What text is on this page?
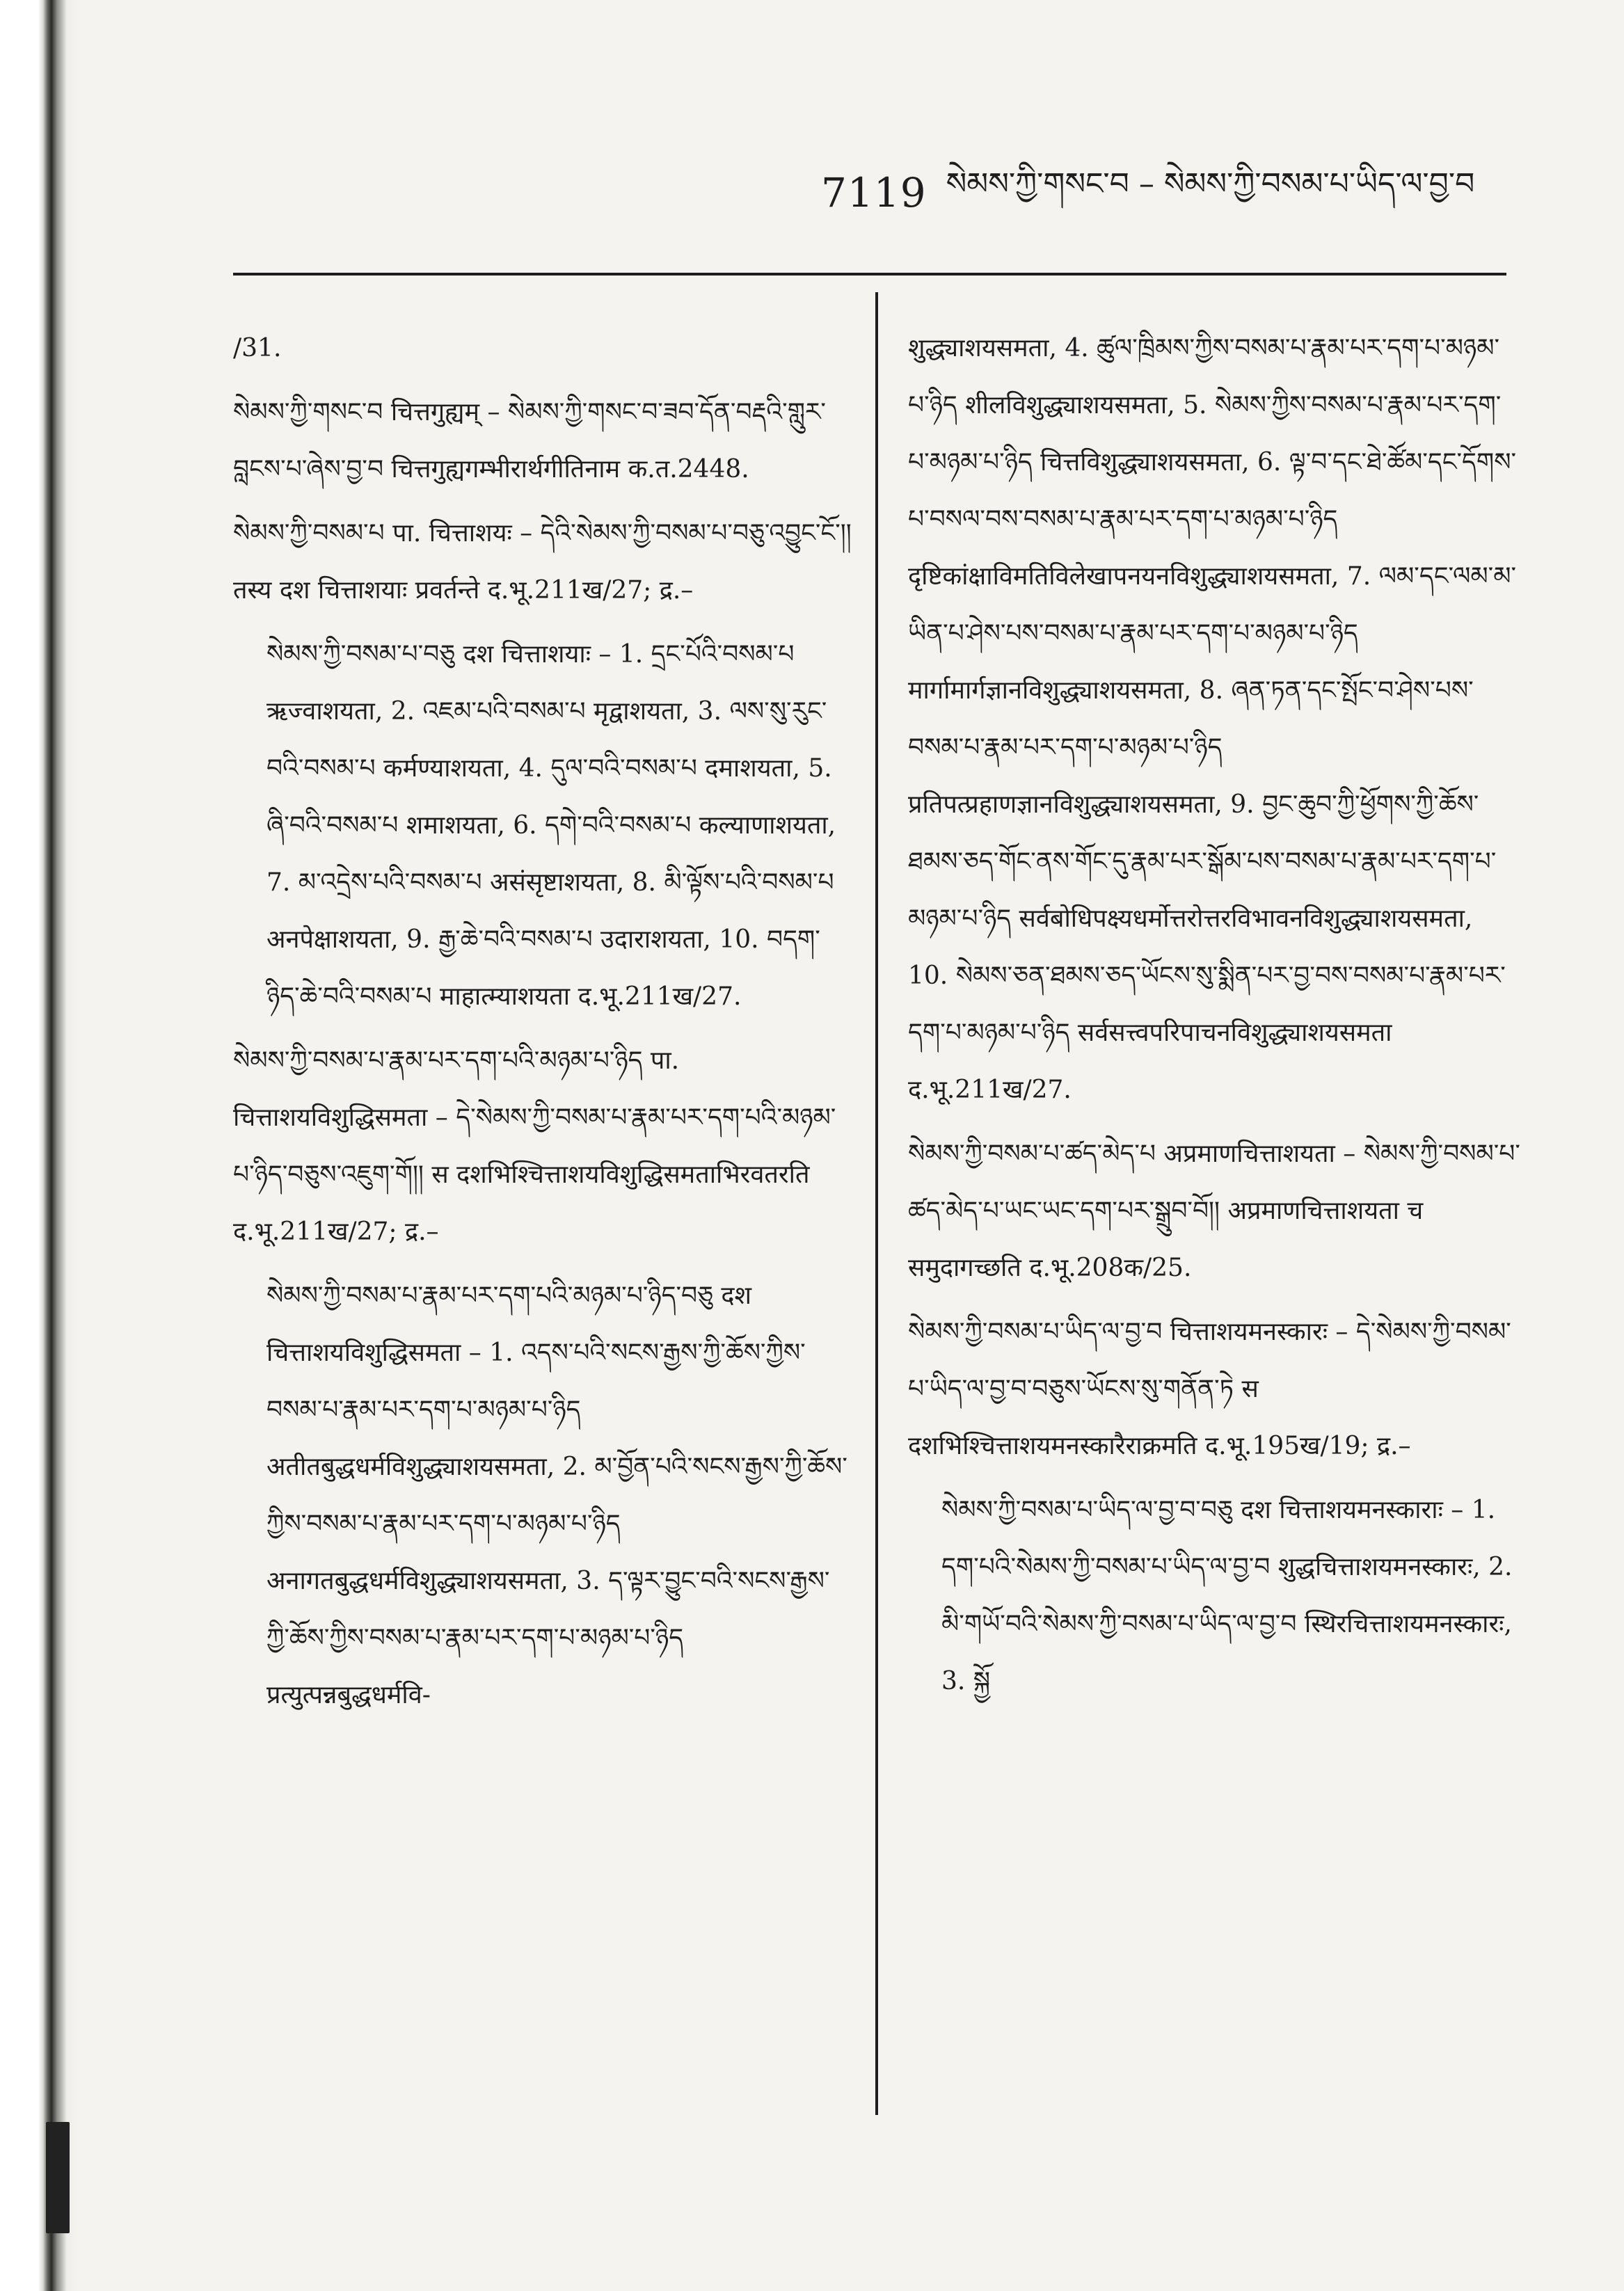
7119 སེམས་ཀྱི་གསང་བ – སེམས་ཀྱི་བསམ་པ་ཡིད་ལ་བྱ་བ

/31.

སེམས་ཀྱི་གསང་བ चित्तगुह्यम् – སེམས་ཀྱི་གསང་བ་ཟབ་དོན་བརྡའི་གླུར་བླངས་པ་ཞེས་བྱ་བ चित्तगुह्यगम्भीरार्थगीतिनाम क.त.2448.

སེམས་ཀྱི་བསམ་པ पा. चित्ताशयः – དེའི་སེམས་ཀྱི་བསམ་པ་བཅུ་འབྱུང་ངོ་།། तस्य दश चित्ताशयाः प्रवर्तन्ते द.भू.211ख/27; द्र.–

སེམས་ཀྱི་བསམ་པ་བཅུ दश चित्ताशयाः – 1. དྲང་པོའི་བསམ་པ ऋज्वाशयता, 2. འཇམ་པའི་བསམ་པ मृद्वाशयता, 3. ལས་སུ་རུང་བའི་བསམ་པ कर्मण्याशयता, 4. དུལ་བའི་བསམ་པ दमाशयता, 5. ཞི་བའི་བསམ་པ शमाशयता, 6. དགེ་བའི་བསམ་པ कल्याणाशयता, 7. མ་འདྲེས་པའི་བསམ་པ असंसृष्टाशयता, 8. མི་ལྟོས་པའི་བསམ་པ अनपेक्षाशयता, 9. རྒྱ་ཆེ་བའི་བསམ་པ उदाराशयता, 10. བདག་ཉིད་ཆེ་བའི་བསམ་པ माहात्म्याशयता द.भू.211ख/27.

སེམས་ཀྱི་བསམ་པ་རྣམ་པར་དག་པའི་མཉམ་པ་ཉིད पा. चित्ताशयविशुद्धिसमता – དེ་སེམས་ཀྱི་བསམ་པ་རྣམ་པར་དག་པའི་མཉམ་པ་ཉིད་བཅུས་འཇུག་གོ།། स दशभिश्चित्ताशयविशुद्धिसमताभिरवतरति द.भू.211ख/27; द्र.–

སེམས་ཀྱི་བསམ་པ་རྣམ་པར་དག་པའི་མཉམ་པ་ཉིད་བཅུ दश चित्ताशयविशुद्धिसमता – 1. འདས་པའི་སངས་རྒྱས་ཀྱི་ཆོས་ཀྱིས་བསམ་པ་རྣམ་པར་དག་པ་མཉམ་པ་ཉིད अतीतबुद्धधर्मविशुद्ध्याशयसमता, 2. མ་བྱོན་པའི་སངས་རྒྱས་ཀྱི་ཆོས་ཀྱིས་བསམ་པ་རྣམ་པར་དག་པ་མཉམ་པ་ཉིད अनागतबुद्धधर्मविशुद्ध्याशयसमता, 3. ད་ལྟར་བྱུང་བའི་སངས་རྒྱས་ཀྱི་ཆོས་ཀྱིས་བསམ་པ་རྣམ་པར་དག་པ་མཉམ་པ་ཉིད प्रत्युत्पन्नबुद्धधर्मवि-

शुद्ध्याशयसमता, 4. ཚུལ་ཁྲིམས་ཀྱིས་བསམ་པ་རྣམ་པར་དག་པ་མཉམ་པ་ཉིད शीलविशुद्ध्याशयसमता, 5. སེམས་ཀྱིས་བསམ་པ་རྣམ་པར་དག་པ་མཉམ་པ་ཉིད चित्तविशुद्ध्याशयसमता, 6. ལྟ་བ་དང་ཐེ་ཚོམ་དང་དོགས་པ་བསལ་བས་བསམ་པ་རྣམ་པར་དག་པ་མཉམ་པ་ཉིད दृष्टिकांक्षाविमतिविलेखापनयनविशुद्ध्याशयसमता, 7. ལམ་དང་ལམ་མ་ཡིན་པ་ཤེས་པས་བསམ་པ་རྣམ་པར་དག་པ་མཉམ་པ་ཉིད मार्गामार्गज्ञानविशुद्ध्याशयसमता, 8. ཞན་ཏན་དང་སྤོང་བ་ཤེས་པས་བསམ་པ་རྣམ་པར་དག་པ་མཉམ་པ་ཉིད प्रतिपत्प्रहाणज्ञानविशुद्ध्याशयसमता, 9. བྱང་ཆུབ་ཀྱི་ཕྱོགས་ཀྱི་ཆོས་ཐམས་ཅད་གོང་ནས་གོང་དུ་རྣམ་པར་སྒོམ་པས་བསམ་པ་རྣམ་པར་དག་པ་མཉམ་པ་ཉིད सर्वबोधिपक्ष्यधर्मोत्तरोत्तरविभावनविशुद्ध्याशयसमता, 10. སེམས་ཅན་ཐམས་ཅད་ཡོངས་སུ་སྨིན་པར་བྱ་བས་བསམ་པ་རྣམ་པར་དག་པ་མཉམ་པ་ཉིད सर्वसत्त्वपरिपाचनविशुद्ध्याशयसमता द.भू.211ख/27.

སེམས་ཀྱི་བསམ་པ་ཚད་མེད་པ अप्रमाणचित्ताशयता – སེམས་ཀྱི་བསམ་པ་ཚད་མེད་པ་ཡང་ཡང་དག་པར་སྒྲུབ་བོ།། अप्रमाणचित्ताशयता च समुदागच्छति द.भू.208क/25.

སེམས་ཀྱི་བསམ་པ་ཡིད་ལ་བྱ་བ चित्ताशयमनस्कारः – དེ་སེམས་ཀྱི་བསམ་པ་ཡིད་ལ་བྱ་བ་བཅུས་ཡོངས་སུ་གནོན་ཏེ स दशभिश्चित्ताशयमनस्कारैराक्रमति द.भू.195ख/19; द्र.–

སེམས་ཀྱི་བསམ་པ་ཡིད་ལ་བྱ་བ་བཅུ दश चित्ताशयमनस्काराः – 1. དག་པའི་སེམས་ཀྱི་བསམ་པ་ཡིད་ལ་བྱ་བ शुद्धचित्ताशयमनस्कारः, 2. མི་གཡོ་བའི་སེམས་ཀྱི་བསམ་པ་ཡིད་ལ་བྱ་བ स्थिरचित्ताशयमनस्कारः, 3. སྐྱོ
